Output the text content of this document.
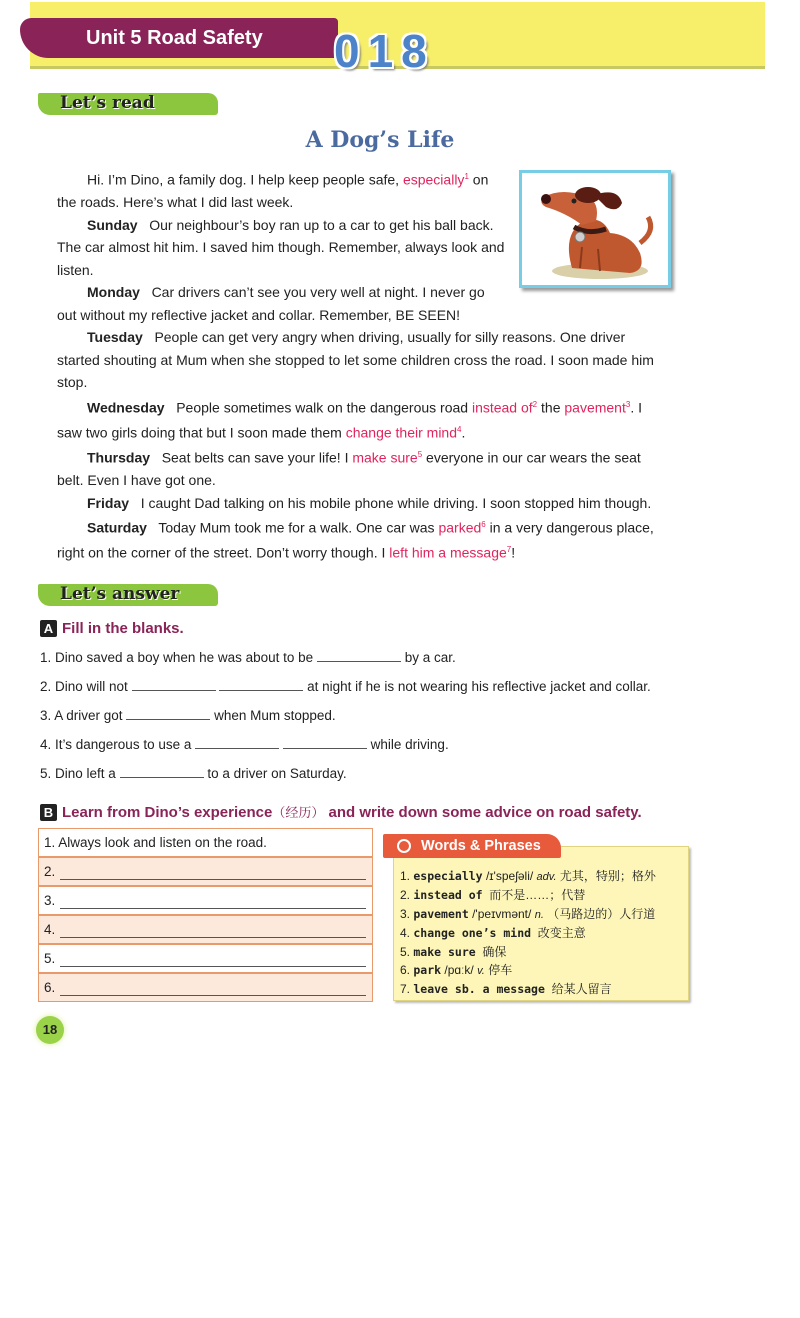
Unit 5 Road Safety	018
Let’s read
A Dog’s Life

Hi. I’m Dino, a family dog. I help keep people safe, especially$^1$ on the roads. Here’s what I did last week.

Sunday Our neighbour’s boy ran up to a car to get his ball back. The car almost hit him. I saved him though. Remember, always look and listen.

Monday Car drivers can’t see you very well at night. I never go out without my reflective jacket and collar. Remember, BE SEEN!

Tuesday People can get very angry when driving, usually for silly reasons. One driver started shouting at Mum when she stopped to let some children cross the road. I soon made him stop.

Wednesday People sometimes walk on the dangerous road instead $of^2$ the pavement$^3$. I saw two girls doing that but I soon made them change their mind$^4$.

Thursday Seat belts can save your life! I make sure$^5$ everyone in our car wears the seat belt. Even I have got one.

Friday I caught Dad talking on his mobile phone while driving. I soon stopped him though.

Saturday Today Mum took me for a walk. One car was parked$^6$ in a very dangerous place, right on the corner of the street. Don’t worry though. I left him a message$^7$!

Let’s answer
A Fill in the blanks.
1. Dino saved a boy when he was about to be	by a car.
2. Dino will not	at night if he is not wearing his reflective jacket and collar.
3. A driver got	when Mum stopped.
4. It’s dangerous to use a	while driving.
5. Dino left a	to a driver on Saturday.
B Learn from Dino’s experience（经历） and write down some advice on road safety.
1. Always look and listen on the road.
2.
3.
4.
5.
6.
Words & Phrases
1. especially /ɪ'speʃəli/ adv. 尤其，特别；格外
2. instead of 而不是……；代替
3. pavement /'peɪvmənt/ n. （马路边的）人行道
4. change one’s mind 改变主意
5. make sure 确保
6. park /pɑːk/ v. 停车
7. leave sb. a message 给某人留言
18
